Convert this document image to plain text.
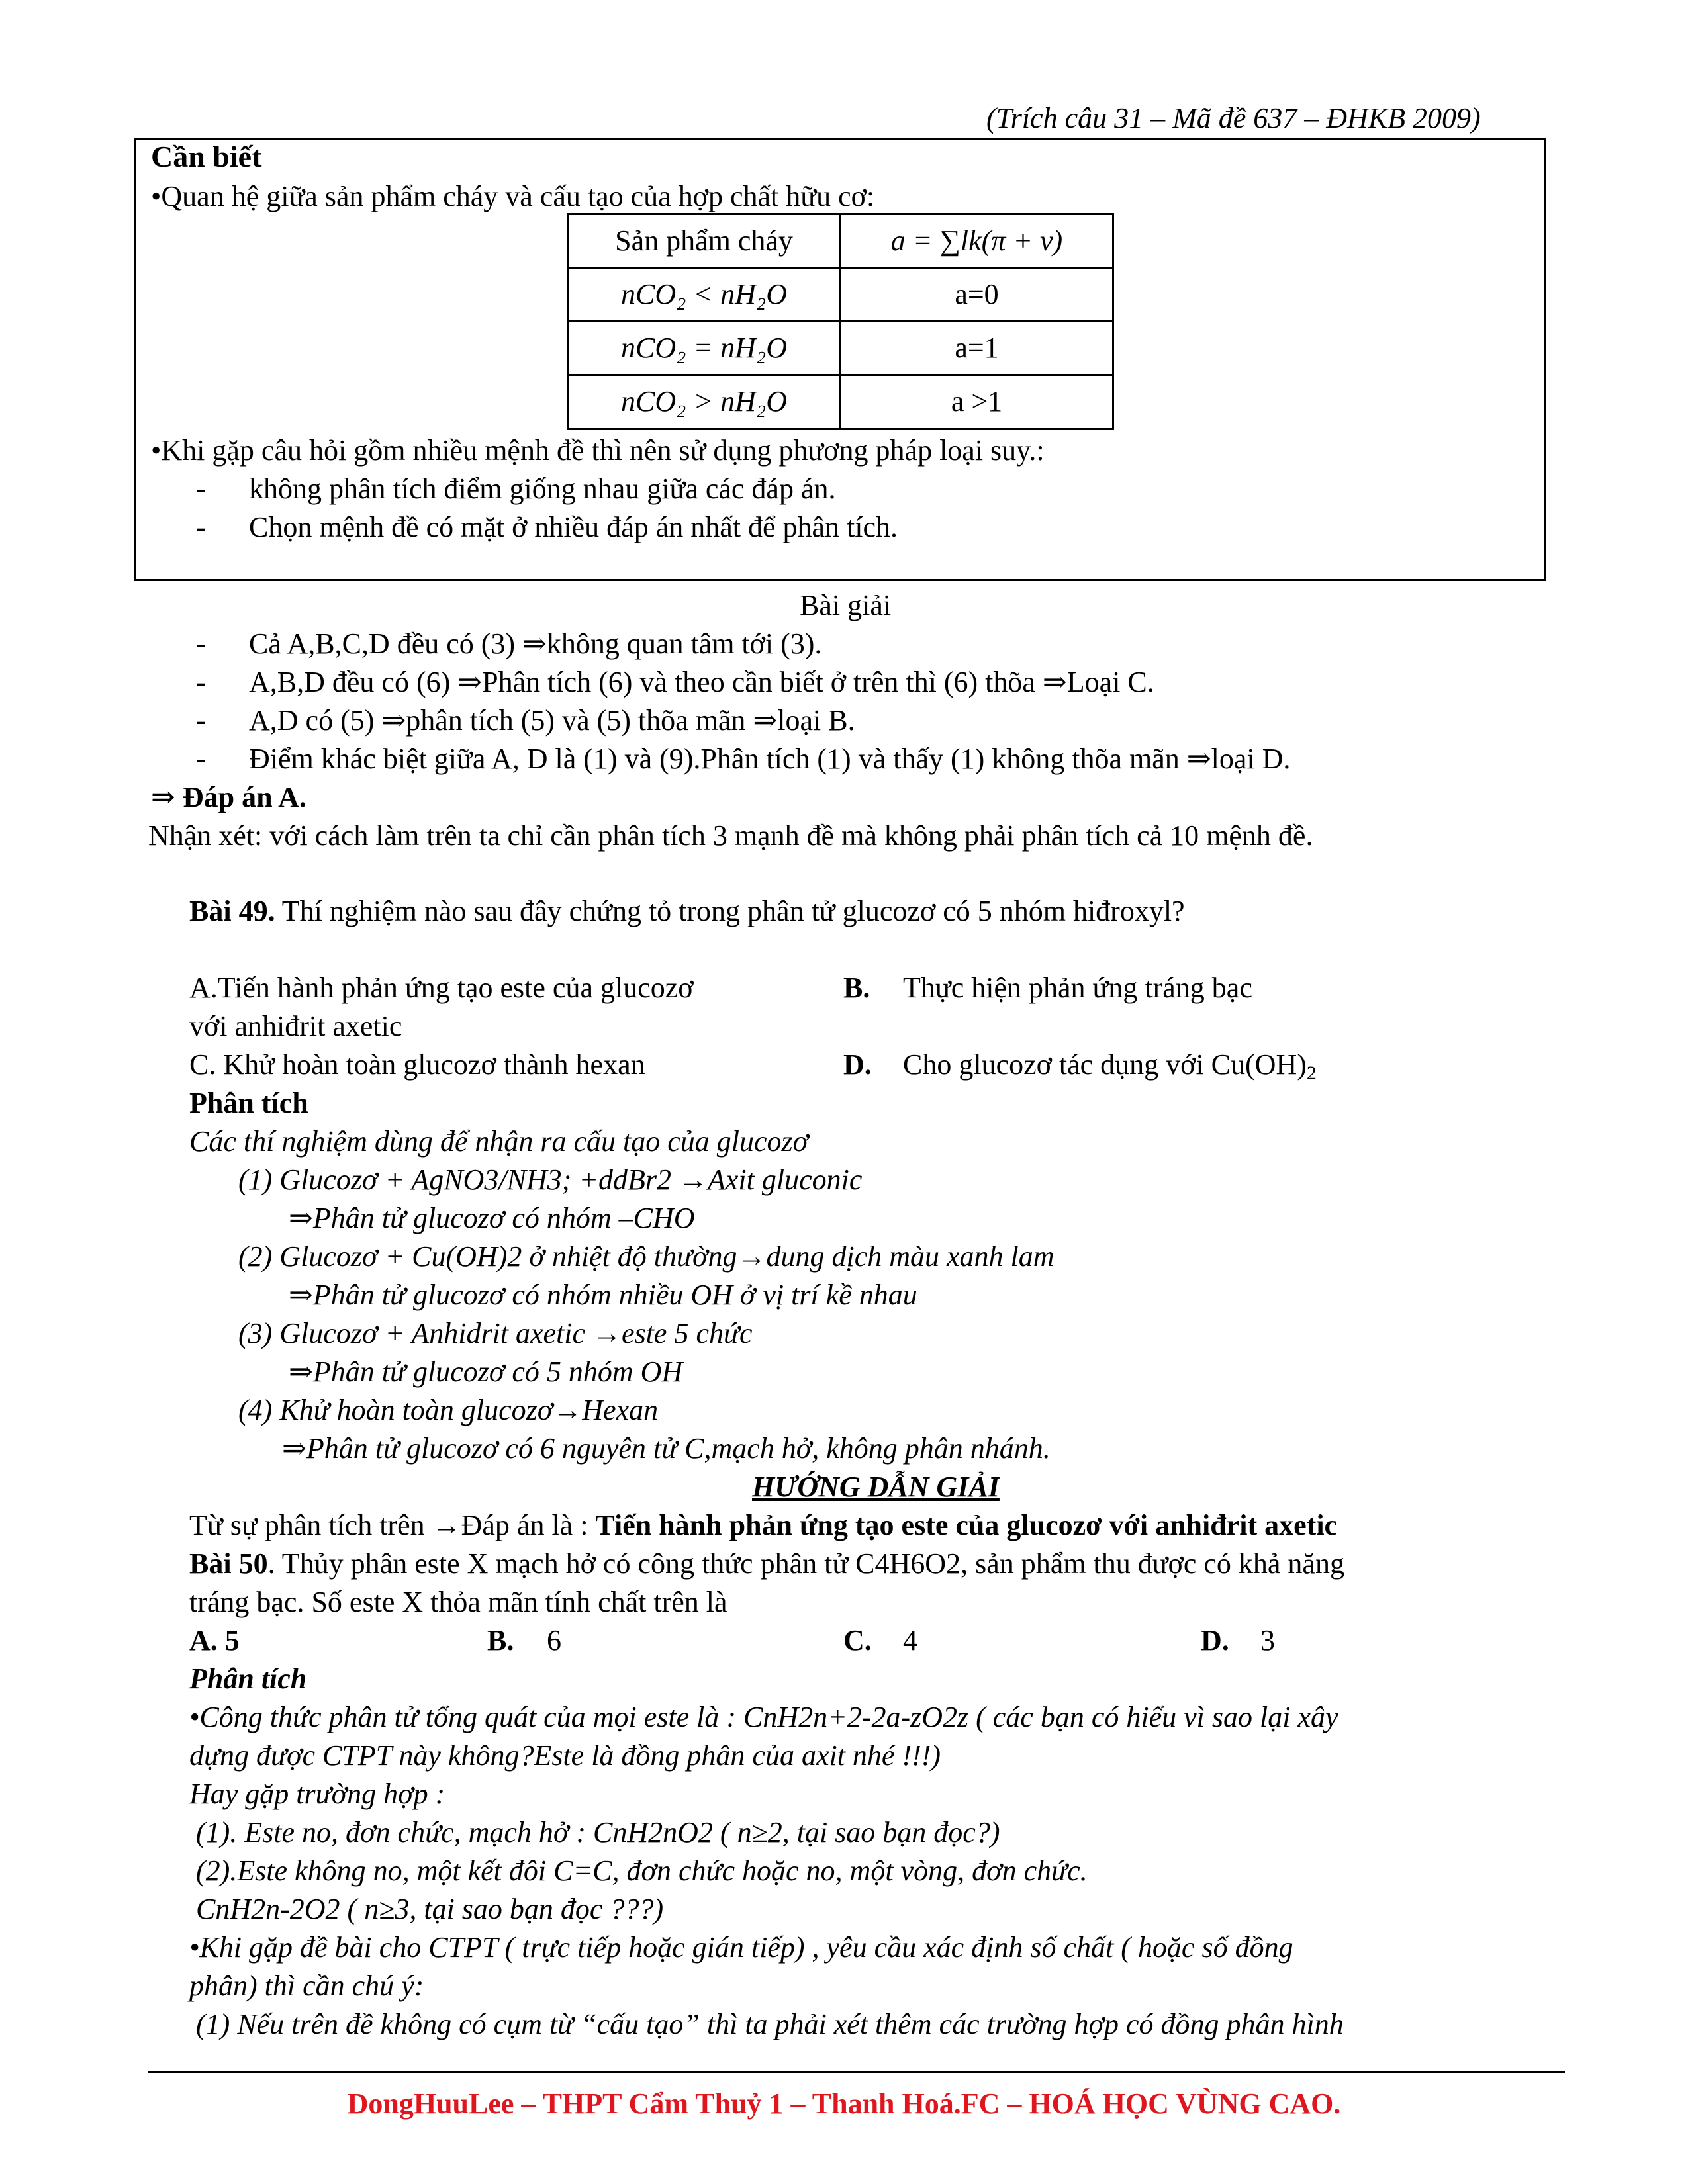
(Trích câu 31 – Mã đề 637 – ĐHKB 2009)
Cần biết
•Quan hệ giữa sản phẩm cháy và cấu tạo của hợp chất hữu cơ:
Sản phẩm cháy	a = ∑lk(π + v)
nCO₂ < nH₂O	a=0
nCO₂ = nH₂O	a=1
nCO₂ > nH₂O	a >1
•Khi gặp câu hỏi gồm nhiều mệnh đề thì nên sử dụng phương pháp loại suy.:
- không phân tích điểm giống nhau giữa các đáp án.
- Chọn mệnh đề có mặt ở nhiều đáp án nhất để phân tích.
Bài giải
- Cả A,B,C,D đều có (3) ⇒không quan tâm tới (3).
- A,B,D đều có (6) ⇒Phân tích (6) và theo cần biết ở trên thì (6) thõa ⇒Loại C.
- A,D có (5) ⇒phân tích (5) và (5) thõa mãn ⇒loại B.
- Điểm khác biệt giữa A, D là (1) và (9).Phân tích (1) và thấy (1) không thõa mãn ⇒loại D.
⇒ Đáp án A.
Nhận xét: với cách làm trên ta chỉ cần phân tích 3 mạnh đề mà không phải phân tích cả 10 mệnh đề.
Bài 49. Thí nghiệm nào sau đây chứng tỏ trong phân tử glucozơ có 5 nhóm hiđroxyl?
A.Tiến hành phản ứng tạo este của glucozơ
với anhiđrit axetic
B. Thực hiện phản ứng tráng bạc
C. Khử hoàn toàn glucozơ thành hexan	D. Cho glucozơ tác dụng với $Cu(OH)_2$
Phân tích
Các thí nghiệm dùng để nhận ra cấu tạo của glucozơ
(1) Glucozơ + AgNO3/NH3; +ddBr2 →Axit gluconic
⇒Phân tử glucozơ có nhóm –CHO
(2) Glucozơ + Cu(OH)2 ở nhiệt độ thường→dung dịch màu xanh lam
⇒Phân tử glucozơ có nhóm nhiều OH ở vị trí kề nhau
(3) Glucozơ + Anhidrit axetic →este 5 chức
⇒Phân tử glucozơ có 5 nhóm OH
(4) Khử hoàn toàn glucozơ→Hexan
⇒Phân tử glucozơ có 6 nguyên tử C,mạch hở, không phân nhánh.
HƯỚNG DẪN GIẢI
Từ sự phân tích trên →Đáp án là : Tiến hành phản ứng tạo este của glucozơ với anhiđrit axetic
Bài 50. Thủy phân este X mạch hở có công thức phân tử C4H6O2, sản phẩm thu được có khả năng
tráng bạc. Số este X thỏa mãn tính chất trên là
A. 5	B. 6	C. 4	D. 3
Phân tích
•Công thức phân tử tổng quát của mọi este là : CnH2n+2-2a-zO2z ( các bạn có hiểu vì sao lại xây
dựng được CTPT này không?Este là đồng phân của axit nhé !!!)
Hay gặp trường hợp :
(1). Este no, đơn chức, mạch hở : CnH2nO2 ( n≥2, tại sao bạn đọc?)
(2).Este không no, một kết đôi C=C, đơn chức hoặc no, một vòng, đơn chức.
CnH2n-2O2 ( n≥3, tại sao bạn đọc ???)
•Khi gặp đề bài cho CTPT ( trực tiếp hoặc gián tiếp) , yêu cầu xác định số chất ( hoặc số đồng
phân) thì cần chú ý:
(1) Nếu trên đề không có cụm từ “cấu tạo” thì ta phải xét thêm các trường hợp có đồng phân hình
DongHuuLee – THPT Cẩm Thuỷ 1 – Thanh Hoá.FC – HOÁ HỌC VÙNG CAO.
